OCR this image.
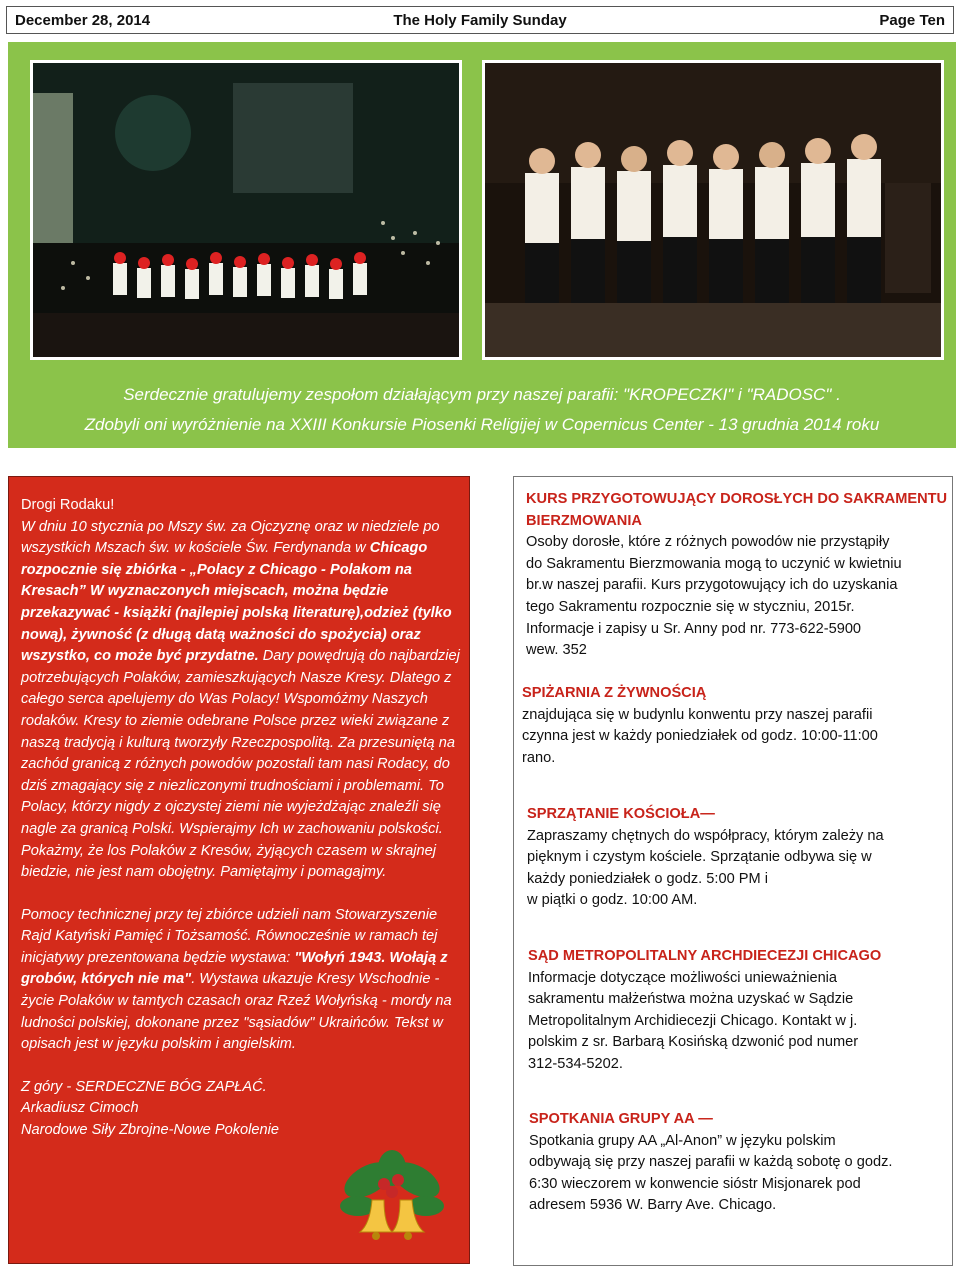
December 28, 2014	The Holy Family Sunday	Page Ten
Serdecznie gratulujemy zespołom działającym przy naszej parafii: "KROPECZKI" i "RADOSC" .
Zdobyli oni wyróżnienie na XXIII Konkursie Piosenki Religijej w Copernicus Center - 13 grudnia 2014 roku

Drogi Rodaku!

W dniu 10 stycznia po Mszy św. za Ojczyznę oraz w niedziele po wszystkich Mszach św. w kościele Św. Ferdynanda w Chicago rozpocznie się zbiórka - „Polacy z Chicago - Polakom na Kresach” W wyznaczonych miejscach, można będzie przekazywać - książki (najlepiej polską literaturę),odzież (tylko nową), żywność (z długą datą ważności do spożycia) oraz wszystko, co może być przydatne. Dary powędrują do najbardziej potrzebujących Polaków, zamieszkujących Nasze Kresy. Dlatego z całego serca apelujemy do Was Polacy! Wspomóżmy Naszych rodaków. Kresy to ziemie odebrane Polsce przez wieki związane z naszą tradycją i kulturą tworzyły Rzeczpospolitą. Za przesuniętą na zachód granicą z różnych powodów pozostali tam nasi Rodacy, do dziś zmagający się z niezliczonymi trudnościami i problemami. To Polacy, którzy nigdy z ojczystej ziemi nie wyjeżdżając znaleźli się nagle za granicą Polski. Wspierajmy Ich w zachowaniu polskości. Pokażmy, że los Polaków z Kresów, żyjących czasem w skrajnej biedzie, nie jest nam obojętny. Pamiętajmy i pomagajmy.

Pomocy technicznej przy tej zbiórce udzieli nam Stowarzyszenie Rajd Katyński Pamięć i Tożsamość. Równocześnie w ramach tej inicjatywy prezentowana będzie wystawa: "Wołyń 1943. Wołają z grobów, których nie ma". Wystawa ukazuje Kresy Wschodnie - życie Polaków w tamtych czasach oraz Rzeź Wołyńską - mordy na ludności polskiej, dokonane przez "sąsiadów" Ukraińców. Tekst w opisach jest w języku polskim i angielskim.

Z góry - SERDECZNE BÓG ZAPŁAĆ.

Arkadiusz Cimoch

Narodowe Siły Zbrojne-Nowe Pokolenie

KURS PRZYGOTOWUJĄCY DOROSŁYCH DO SAKRAMENTU
BIERZMOWANIA
Osoby dorosłe, które z różnych powodów nie przystąpiły
do Sakramentu Bierzmowania mogą to uczynić w kwietniu
br.w naszej parafii. Kurs przygotowujący ich do uzyskania
tego Sakramentu rozpocznie się w styczniu, 2015r.
Informacje i zapisy u Sr. Anny pod nr. 773-622-5900
wew. 352
SPIŻARNIA Z ŻYWNOŚCIĄ
znajdująca się w budynlu konwentu przy naszej parafii
czynna jest w każdy poniedziałek od godz. 10:00-11:00
rano.
SPRZĄTANIE KOŚCIOŁA—
Zapraszamy chętnych do współpracy, którym zależy na
pięknym i czystym kościele. Sprzątanie odbywa się w
każdy poniedziałek o godz. 5:00 PM i
w piątki o godz. 10:00 AM.
SĄD METROPOLITALNY ARCHDIECEZJI CHICAGO
Informacje dotyczące możliwości unieważnienia
sakramentu małżeństwa można uzyskać w Sądzie
Metropolitalnym Archidiecezji Chicago. Kontakt w j.
polskim z sr. Barbarą Kosińską dzwonić pod numer
312-534-5202.
SPOTKANIA GRUPY AA —
Spotkania grupy AA „Al-Anon” w języku polskim
odbywają się przy naszej parafii w każdą sobotę o godz.
6:30 wieczorem w konwencie sióstr Misjonarek pod
adresem 5936 W. Barry Ave. Chicago.
